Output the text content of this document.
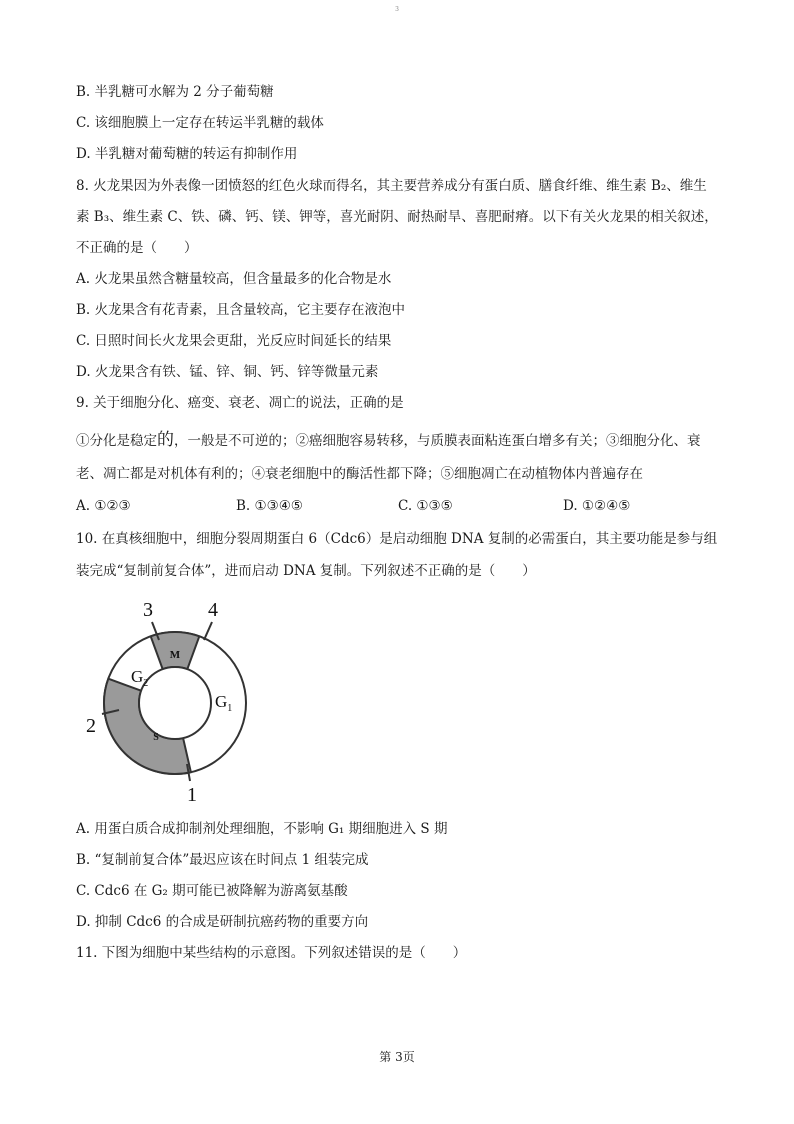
3
B. 半乳糖可水解为 2 分子葡萄糖
C. 该细胞膜上一定存在转运半乳糖的载体
D. 半乳糖对葡萄糖的转运有抑制作用
8. 火龙果因为外表像一团愤怒的红色火球而得名，其主要营养成分有蛋白质、膳食纤维、维生素 B₂、维生
素 B₃、维生素 C、铁、磷、钙、镁、钾等，喜光耐阴、耐热耐旱、喜肥耐瘠。以下有关火龙果的相关叙述，
不正确的是（　　）
A. 火龙果虽然含糖量较高，但含量最多的化合物是水
B. 火龙果含有花青素，且含量较高，它主要存在液泡中
C. 日照时间长火龙果会更甜，光反应时间延长的结果
D. 火龙果含有铁、锰、锌、铜、钙、锌等微量元素
9. 关于细胞分化、癌变、衰老、凋亡的说法，正确的是
①分化是稳定的，一般是不可逆的；②癌细胞容易转移，与质膜表面粘连蛋白增多有关；③细胞分化、衰
老、凋亡都是对机体有利的；④衰老细胞中的酶活性都下降；⑤细胞凋亡在动植物体内普遍存在
A. ①②③	B. ①③④⑤	C. ①③⑤	D. ①②④⑤
10. 在真核细胞中，细胞分裂周期蛋白 6（Cdc6）是启动细胞 DNA 复制的必需蛋白，其主要功能是参与组
装完成“复制前复合体”，进而启动 DNA 复制。下列叙述不正确的是（　　）
M
S
$G_2$
$G_1$
3	4
2
1
A. 用蛋白质合成抑制剂处理细胞，不影响 G₁ 期细胞进入 S 期
B. “复制前复合体”最迟应该在时间点 1 组装完成
C. Cdc6 在 G₂ 期可能已被降解为游离氨基酸
D. 抑制 Cdc6 的合成是研制抗癌药物的重要方向
11. 下图为细胞中某些结构的示意图。下列叙述错误的是（　　）
第 3页
